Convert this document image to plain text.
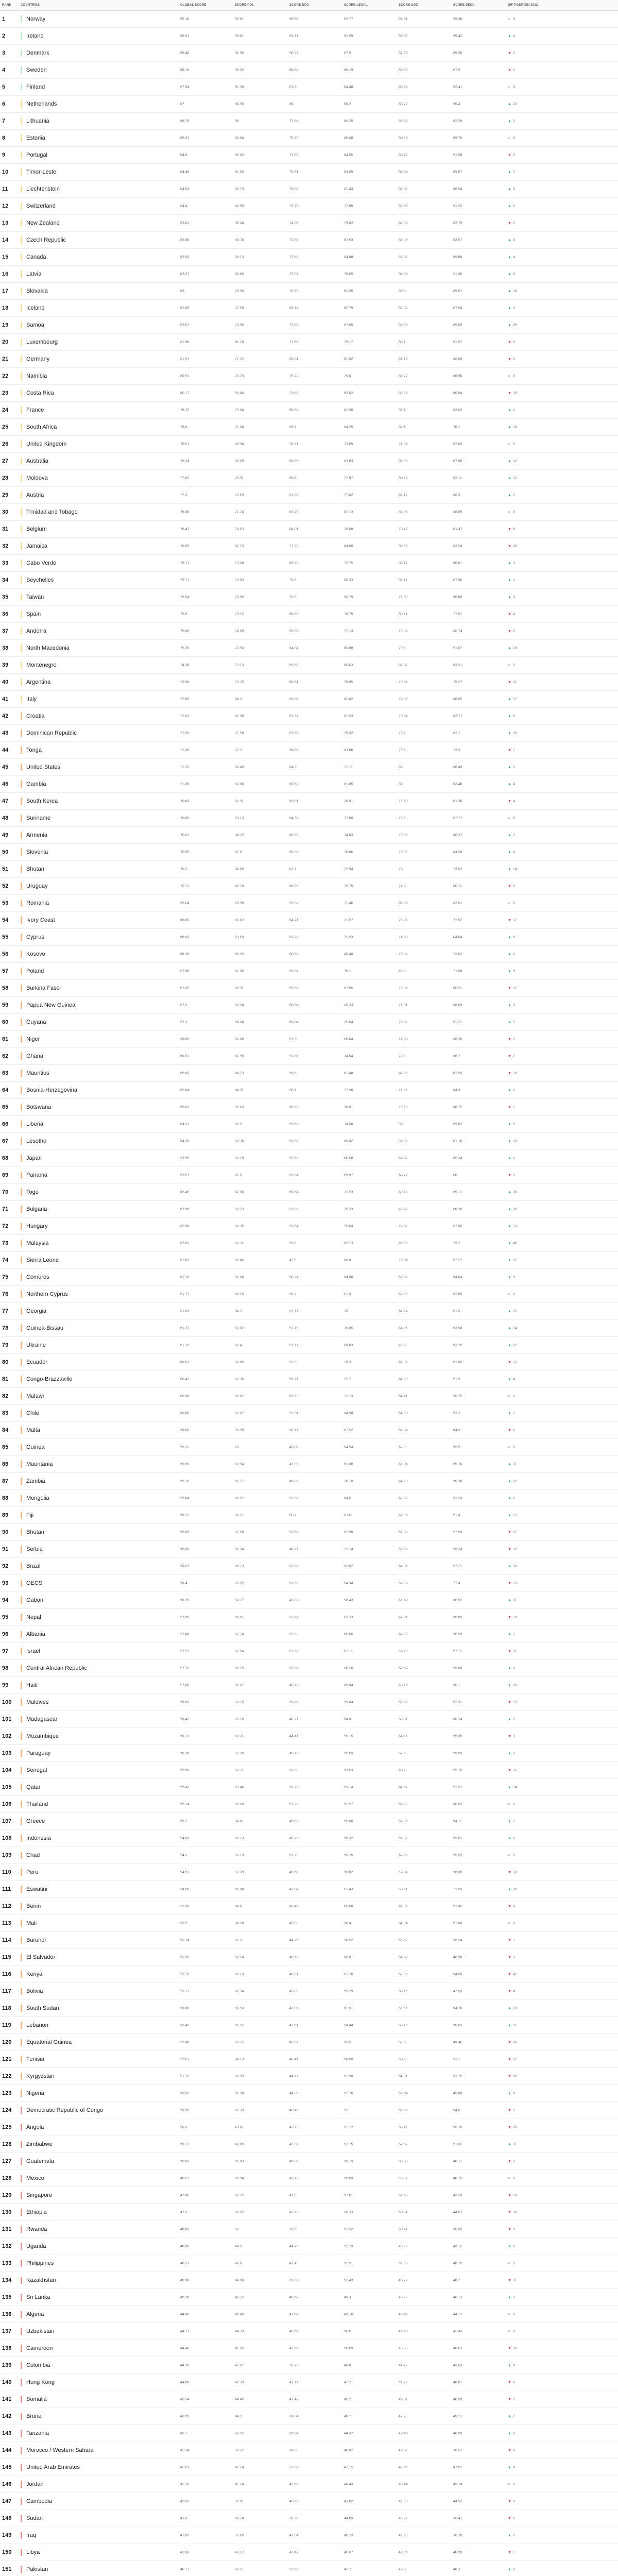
RANK	COUNTRIES	GLOBAL SCORE	SCORE POL	SCORE ECO	SCORE LEGAL	SCORE SOC	SCORE SECU	DIF POSITION 2022
1	Norway	95.18	93.61	95.98	93.77	93.91	99.38	= 0
2	Ireland	89.91	90.61	83.11	91.59	88.82	95.42	▲ 4
3	Denmark	89.48	91.95	90.77	87.5	87.73	89.39	▼ 1
4	Sweden	88.15	90.32	86.82	86.19	89.93	87.5	▼ 1
5	Finland	87.94	91.39	87.8	84.48	83.63	92.41	= 0
6	Netherlands	87	84.55	86	80.2	83.72	90.4	▲ 22
7	Lithuania	86.79	86	77.88	86.25	89.92	82.29	▲ 2
8	Estonia	85.31	80.84	79.79	85.08	89.75	89.75	= 0
9	Portugal	84.6	85.02	71.93	84.55	88.77	91.58	▼ 2
10	Timor-Leste	84.49	81.85	75.51	83.09	86.64	89.87	▲ 7
11	Liechtenstein	84.03	82.73	79.02	81.43	86.67	86.54	▲ 6
12	Switzerland	84.4	82.93	72.75	77.85	92.53	91.22	▲ 2
13	New Zealand	83.81	88.04	74.05	79.62	84.08	83.73	▼ 2
14	Czech Republic	83.58	80.76	72.65	82.53	81.09	83.57	▲ 6
15	Canada	83.53	80.13	72.55	84.88	83.87	89.86	▲ 4
16	Latvia	83.27	80.66	72.07	78.05	85.66	91.39	▲ 6
17	Slovakia	83	78.93	70.79	81.35	89.6	89.07	▲ 10
18	Iceland	82.69	77.59	68.14	82.79	87.32	87.94	▲ 3
19	Samoa	82.07	78.95	72.65	87.85	83.63	89.05	▲ 25
20	Luxembourg	81.98	81.18	71.66	79.17	85.1	81.57	▼ 5
21	Germany	81.91	77.22	68.01	81.92	81.16	86.69	▼ 5
22	Namibia	80.91	75.73	75.72	79.6	81.77	86.96	= 0
23	Costa Rica	80.17	69.84	73.55	83.02	80.86	80.94	▼ 15
24	France	78.72	79.04	69.92	81.58	81.1	83.02	▲ 2
25	South Africa	78.6	71.04	69.1	84.25	82.1	78.1	▲ 10
26	United Kingdom	78.51	80.94	78.71	73.69	74.35	82.63	= 0
27	Australia	78.24	83.09	65.99	83.83	81.98	87.86	▲ 12
28	Moldova	77.62	76.91	66.6	77.87	80.43	82.11	▲ 12
29	Austria	77.3	76.63	61.85	77.02	82.12	86.3	▲ 2
30	Trinidad and Tobago	76.58	71.24	63.76	82.13	83.05	88.89	= 0
31	Belgium	76.47	78.53	64.01	75.08	79.42	81.47	▼ 8
32	Jamaica	76.09	67.73	71.25	84.68	80.59	83.24	▼ 20
33	Cabo Verde	75.71	73.08	65.75	73.75	82.17	80.61	▲ 3
34	Seychelles	75.71	73.03	75.5	80.33	85.11	87.56	▲ 1
35	Taiwan	75.54	73.55	70.5	80.75	71.83	80.88	▲ 3
36	Spain	75.6	73.12	66.53	78.75	80.71	77.51	▼ 4
37	Andorra	75.08	74.09	59.98	77.13	75.38	86.74	▼ 5
38	North Macedonia	75.26	73.93	64.84	80.88	79.5	91.07	▲ 19
39	Montenegro	74.28	73.13	69.56	80.03	82.37	83.31	= 0
40	Argentina	73.56	73.75	60.61	76.85	79.65	75.27	▼ 11
41	Italy	72.05	64.3	65.08	82.02	72.89	68.85	▲ 17
42	Croatia	71.63	61.98	61.57	81.53	73.64	83.77	▲ 6
43	Dominican Republic	71.55	71.58	63.59	75.52	79.2	82.1	▲ 15
44	Tonga	71.38	72.3	58.89	83.06	79.6	73.3	▼ 7
45	United States	71.22	66.49	64.9	71.11	80	66.49	▲ 3
46	Gambia	71.05	68.88	60.53	81.85	80	83.48	▲ 4
47	South Korea	70.83	62.91	69.81	76.01	71.53	81.38	▼ 4
48	Suriname	70.85	63.13	64.32	77.88	75.5	87.77	= 0
49	Armenia	70.61	64.75	66.93	74.83	73.89	80.37	▲ 2
50	Slovenia	70.59	67.8	65.09	76.86	75.89	84.28	▲ 4
51	Bhutan	70.3	64.85	62.1	72.94	75	73.52	▲ 14
52	Uruguay	70.11	62.78	66.99	75.75	74.8	80.11	▼ 8
53	Romania	69.04	69.96	59.32	71.46	81.96	83.01	= 0
54	Ivory Coast	68.83	66.62	64.21	71.57	75.86	72.52	▼ 17
55	Cyprus	68.63	69.69	63.23	71.93	74.88	84.04	▲ 9
56	Kosovo	68.38	65.95	60.59	80.48	73.93	73.02	▲ 5
57	Poland	67.66	67.86	55.37	76.1	69.9	71.68	▲ 9
58	Burkina Faso	67.65	69.31	59.53	67.05	75.05	80.91	▼ 17
59	Papua New Guinea	67.5	63.94	60.94	80.33	71.91	68.69	▲ 3
60	Guyana	67.3	64.84	60.04	75.04	75.52	81.21	▲ 1
61	Niger	66.89	68.86	57.9	68.64	74.63	68.35	▼ 2
62	Ghana	66.51	61.99	57.86	74.64	72.5	68.7	▼ 2
63	Mauritius	65.85	64.73	56.6	81.48	61.59	82.55	▼ 19
64	Bosnia-Herzegovina	65.64	64.31	58.1	77.98	71.55	64.3	▲ 3
65	Botswana	65.62	59.63	58.69	76.01	76.18	68.72	▼ 1
66	Liberia	64.31	59.9	59.63	74.08	80	69.62	▲ 9
67	Lesotho	64.26	60.36	52.52	66.02	80.97	81.16	▲ 10
68	Japan	63.95	63.79	59.53	66.58	62.52	65.34	▲ 3
69	Panama	63.57	61.5	51.84	69.97	63.77	80	▼ 3
70	Togo	63.49	62.08	56.64	71.53	69.13	69.11	▲ 30
71	Bulgaria	62.98	58.23	51.85	75.33	69.52	68.28	▲ 20
72	Hungary	62.98	60.35	52.64	75.64	72.62	67.66	▲ 13
73	Malaysia	62.83	60.32	55.6	69.73	66.59	73.7	▲ 40
74	Sierra Leone	62.82	60.45	47.5	66.8	72.54	67.27	▲ 11
75	Comoros	62.16	56.88	58.74	64.88	69.02	64.84	▲ 9
76	Northern Cyprus	61.77	60.15	56.2	61.9	63.85	63.85	= 0
77	Georgia	61.69	64.3	51.11	70	64.24	61.5	▲ 12
78	Guinea-Bissau	61.37	59.02	51.15	70.05	64.05	63.58	▲ 14
79	Ukraine	61.19	62.4	52.17	68.83	69.6	53.79	▲ 27
80	Ecuador	60.51	58.86	51.8	70.3	61.06	61.06	▼ 12
81	Congo-Brazzaville	60.42	57.36	55.71	72.7	64.33	51.9	▲ 4
82	Malawi	60.38	55.87	52.19	71.13	64.41	58.25	= 0
83	Chile	60.06	60.07	57.01	64.98	64.03	53.3	▲ 1
84	Malta	60.05	58.99	58.11	67.52	56.04	64.9	▼ 6
85	Guinea	59.31	60	48.08	64.54	63.9	59.9	= 0
86	Mauritania	59.59	60.94	47.99	61.08	65.04	65.76	▲ 11
87	Zambia	59.15	61.77	49.89	70.18	64.29	50.36	▲ 22
88	Mongolia	59.04	60.57	51.82	64.6	67.39	53.33	▲ 2
89	Fiji	58.21	56.11	50.1	63.61	62.96	61.4	▲ 13
90	Bhutan	58.09	62.58	53.53	62.98	61.88	57.59	▼ 57
91	Serbia	58.05	56.34	46.21	71.14	58.65	56.24	▼ 12
92	Brazil	58.07	56.73	53.55	62.02	64.36	57.21	▲ 18
93	OECS	58.4	53.52	52.59	64.34	56.38	77.4	▼ 13
94	Gabon	58.25	58.77	43.38	58.43	61.48	60.92	▲ 11
95	Nepal	57.89	56.51	53.11	63.33	62.01	60.89	▼ 19
96	Albania	57.86	57.74	51.6	60.66	62.73	58.99	▲ 7
97	Israel	57.97	52.54	51.52	67.11	55.19	57.71	▼ 11
98	Central African Republic	57.23	55.29	52.02	60.28	62.57	55.68	▲ 3
99	Haiti	57.06	58.07	49.16	65.04	63.16	50.1	▲ 16
100	Maldives	56.82	53.75	50.85	59.64	58.05	62.31	▼ 13
101	Madagascar	56.43	53.16	48.71	64.81	56.81	60.24	▲ 1
102	Mozambique	56.13	60.31	44.41	55.15	64.46	55.05	▼ 3
103	Paraguay	56.26	57.35	45.18	55.69	57.5	55.05	▲ 3
104	Senegal	55.56	53.71	53.8	53.03	60.7	55.19	▼ 31
105	Qatar	55.43	53.46	55.75	59.14	64.57	52.97	▲ 14
106	Thailand	55.24	56.08	51.28	52.57	56.29	60.52	= 0
107	Greece	55.2	54.61	45.69	55.08	56.06	54.11	▲ 1
108	Indonesia	54.83	55.73	45.25	56.32	56.82	59.81	▲ 9
109	Chad	54.3	56.19	51.29	56.25	62.25	55.92	= 0
110	Peru	54.51	53.39	48.55	56.82	53.34	58.69	▼ 33
111	Eswatini	54.05	56.88	43.84	61.43	53.61	71.93	▲ 20
112	Benin	53.96	54.8	43.45	65.08	61.06	51.45	▼ 8
113	Mali	53.9	54.58	49.8	56.41	54.94	61.08	= 0
114	Burundi	53.74	51.3	44.25	58.52	55.62	56.54	▼ 7
115	El Salvador	53.28	56.14	45.12	60.6	54.52	46.96	▼ 3
116	Kenya	53.19	55.13	45.31	61.76	57.35	54.56	▼ 47
117	Bolivia	53.11	52.34	49.09	59.79	56.15	47.93	▼ 4
118	South Sudan	53.08	55.93	42.09	61.91	51.56	54.26	▲ 10
119	Lebanon	53.49	51.92	47.61	54.44	56.16	50.03	▲ 11
120	Equatorial Guinea	52.68	53.72	43.97	59.51	57.6	49.46	▼ 20
121	Tunisia	52.01	54.13	46.41	58.08	50.6	53.1	▼ 27
122	Kyrgyzstan	51.79	50.99	44.17	51.98	54.91	53.75	▼ 50
123	Nigeria	50.93	51.98	44.09	57.76	55.64	45.88	▲ 6
124	Democratic Republic of Congo	50.55	51.33	40.48	52	50.06	54.8	▼ 1
125	Angola	50.3	49.61	43.79	51.12	56.11	50.76	▼ 26
126	Zimbabwe	50.17	48.69	42.38	53.75	52.57	51.62	▲ 11
127	Guatemala	50.02	51.03	45.08	50.19	56.83	46.71	▼ 3
128	Mexico	49.97	50.94	43.13	55.09	53.92	46.75	= 0
129	Singapore	47.88	52.75	41.9	57.81	51.58	43.33	▼ 10
130	Ethiopia	47.5	50.52	43.12	50.33	50.84	44.87	▼ 16
131	Rwanda	46.83	50	39.5	51.52	50.41	50.55	▼ 5
132	Uganda	46.58	44.5	44.29	52.19	48.23	43.12	▲ 5
133	Philippines	46.21	46.8	42.4	52.51	51.03	48.75	= 0
134	Kazakhstan	45.98	44.08	39.89	51.43	46.27	46.7	▼ 11
135	Sri Lanka	45.28	48.72	46.52	49.3	49.79	48.13	▲ 7
136	Algeria	44.88	46.49	41.57	49.16	48.45	44.77	= 0
137	Uzbekistan	44.71	44.33	40.56	50.6	46.68	42.43	= 0
138	Cameroon	44.48	41.55	41.58	50.09	43.89	46.07	▼ 20
139	Colombia	44.28	47.07	39.79	48.8	44.72	43.63	▲ 6
140	Hong Kong	44.86	42.33	41.11	47.21	51.72	46.87	▼ 8
141	Somalia	43.94	44.45	41.47	49.2	45.31	40.55	▼ 1
142	Brunei	43.99	44.9	38.84	48.7	47.2	45.21	▲ 2
143	Tanzania	43.1	40.92	39.84	44.32	42.45	48.65	▲ 5
144	Morocco / Western Sahara	42.34	38.37	38.8	48.82	42.57	38.51	▼ 6
145	United Arab Emirates	42.87	41.14	37.55	47.15	41.65	47.81	▲ 8
146	Jordan	42.29	41.14	41.69	48.43	43.44	45.74	= 0
147	Cambodia	42.02	39.81	40.59	43.82	41.93	44.92	▼ 5
148	Sudan	41.8	40.74	39.33	44.89	45.27	38.41	▼ 2
149	Iraq	41.83	39.65	41.94	45.73	41.69	36.26	▲ 5
150	Libya	41.03	43.12	41.47	40.67	42.05	40.95	▼ 1
151	Pakistan	40.77	40.11	37.55	42.71	42.9	40.3	▲ 6
